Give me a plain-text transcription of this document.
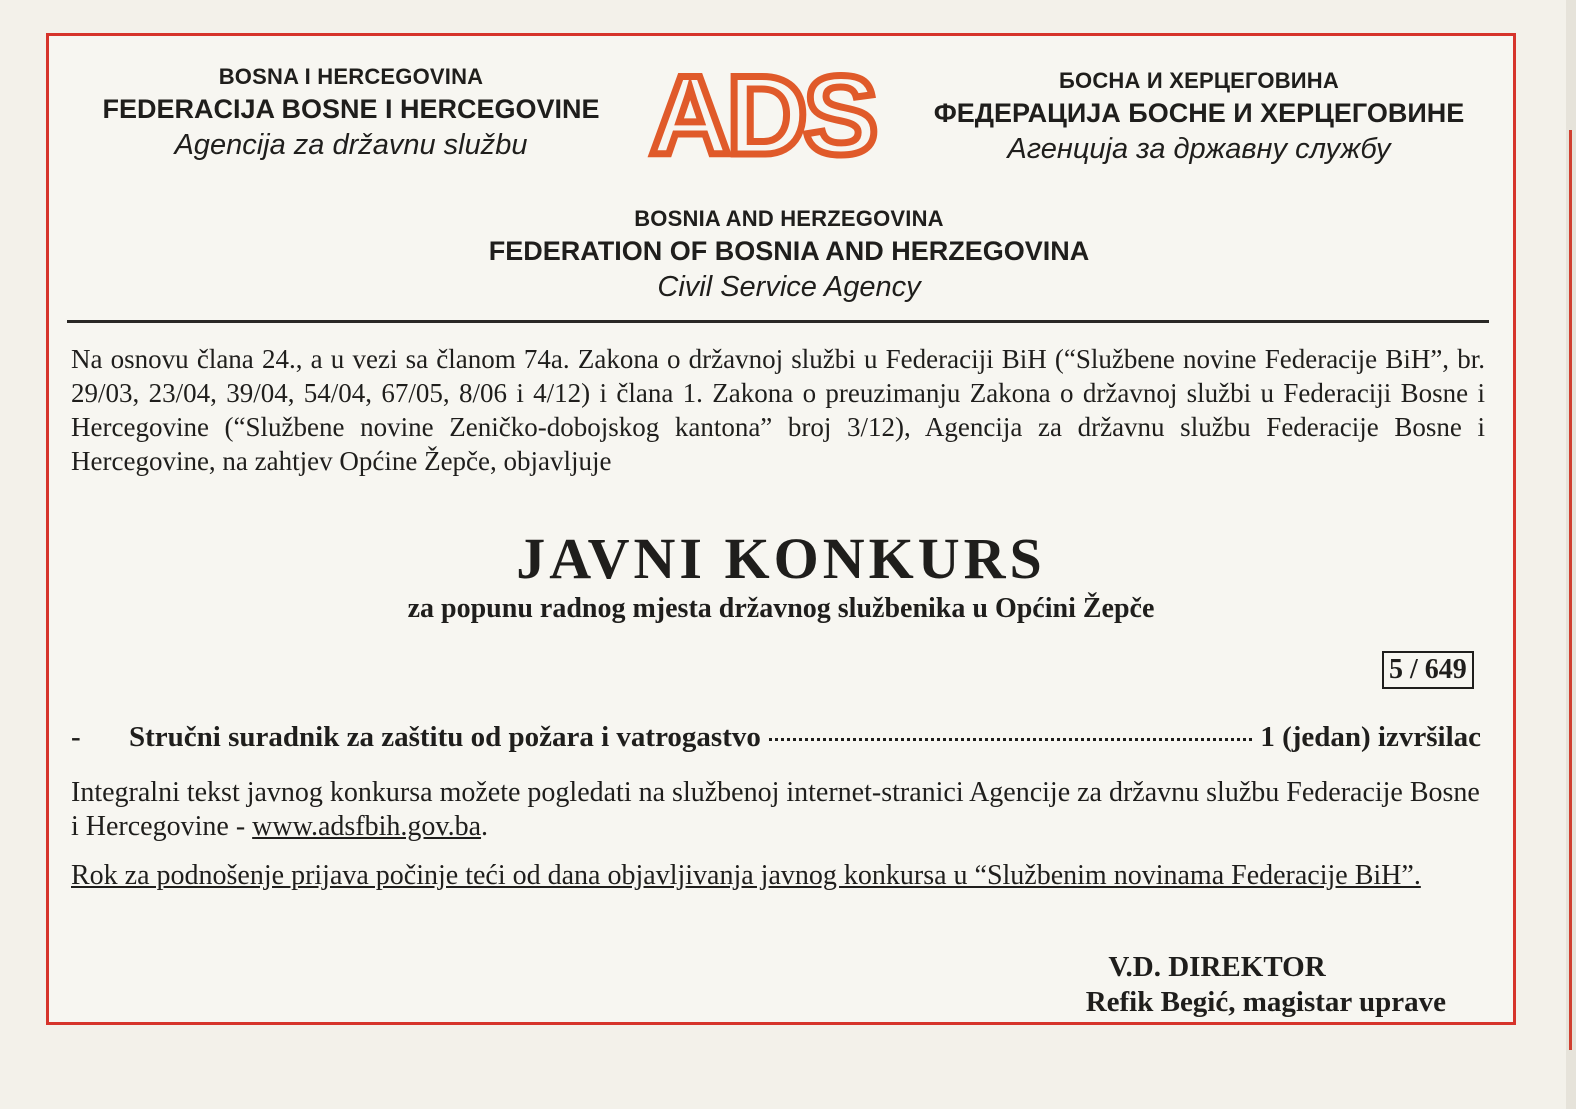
BOSNA I HERCEGOVINA
FEDERACIJA BOSNE I HERCEGOVINE
Agencija za državnu službu	ADS	БОСНА И ХЕРЦЕГОВИНА
ФЕДЕРАЦИЈА БОСНЕ И ХЕРЦЕГОВИНЕ
Агенција за државну службу
BOSNIA AND HERZEGOVINA
FEDERATION OF BOSNIA AND HERZEGOVINA
Civil Service Agency
Na osnovu člana 24., a u vezi sa članom 74a. Zakona o državnoj službi u Federaciji BiH (“Službene novine Federacije BiH”, br. 29/03, 23/04, 39/04, 54/04, 67/05, 8/06 i 4/12) i člana 1. Zakona o preuzimanju Zakona o državnoj službi u Federaciji Bosne i Hercegovine (“Službene novine Zeničko-dobojskog kantona” broj 3/12), Agencija za državnu službu Federacije Bosne i Hercegovine, na zahtjev Općine Žepče, objavljuje
JAVNI KONKURS
za popunu radnog mjesta državnog službenika u Općini Žepče
5 / 649
-	Stručni suradnik za zaštitu od požara i vatrogastvo	1 (jedan) izvršilac
Integralni tekst javnog konkursa možete pogledati na službenoj internet-stranici Agencije za državnu službu Federacije Bosne i Hercegovine - www.adsfbih.gov.ba.
Rok za podnošenje prijava počinje teći od dana objavljivanja javnog konkursa u “Službenim novinama Federacije BiH”.
V.D. DIREKTOR
Refik Begić, magistar uprave
